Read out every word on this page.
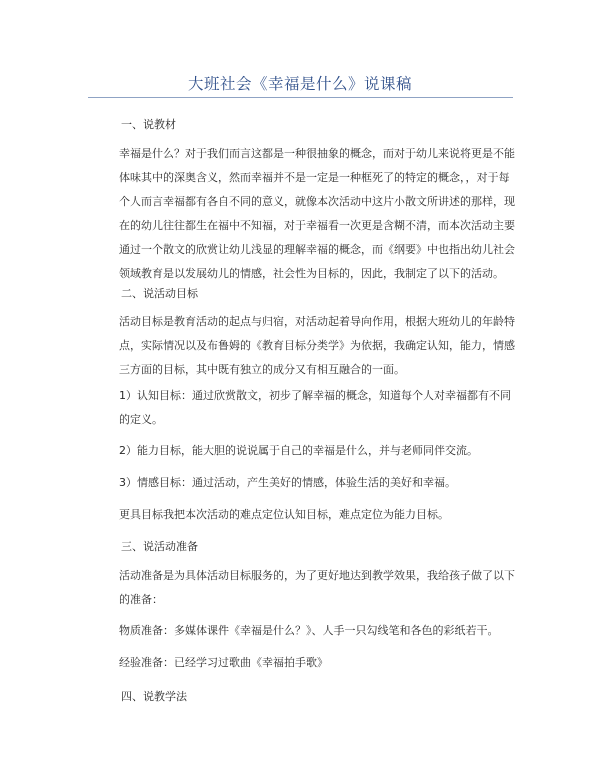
大班社会《幸福是什么》说课稿
一、说教材
幸福是什么？对于我们而言这都是一种很抽象的概念，而对于幼儿来说将更是不能体味其中的深奥含义，然而幸福并不是一定是一种框死了的特定的概念，，对于每个人而言幸福都有各自不同的意义，就像本次活动中这片小散文所讲述的那样，现在的幼儿往往都生在福中不知福，对于幸福看一次更是含糊不清，而本次活动主要通过一个散文的欣赏让幼儿浅显的理解幸福的概念，而《纲要》中也指出幼儿社会领域教育是以发展幼儿的情感，社会性为目标的，因此，我制定了以下的活动。
二、说活动目标
活动目标是教育活动的起点与归宿，对活动起着导向作用，根据大班幼儿的年龄特点，实际情况以及布鲁姆的《教育目标分类学》为依据，我确定认知，能力，情感三方面的目标，其中既有独立的成分又有相互融合的一面。
1）认知目标：通过欣赏散文，初步了解幸福的概念，知道每个人对幸福都有不同的定义。
2）能力目标，能大胆的说说属于自己的幸福是什么，并与老师同伴交流。
3）情感目标：通过活动，产生美好的情感，体验生活的美好和幸福。
更具目标我把本次活动的难点定位认知目标，难点定位为能力目标。
三、说活动准备
活动准备是为具体活动目标服务的，为了更好地达到教学效果，我给孩子做了以下的准备：
物质准备：多媒体课件《幸福是什么？》、人手一只勾线笔和各色的彩纸若干。
经验准备：已经学习过歌曲《幸福拍手歌》
四、说教学法
